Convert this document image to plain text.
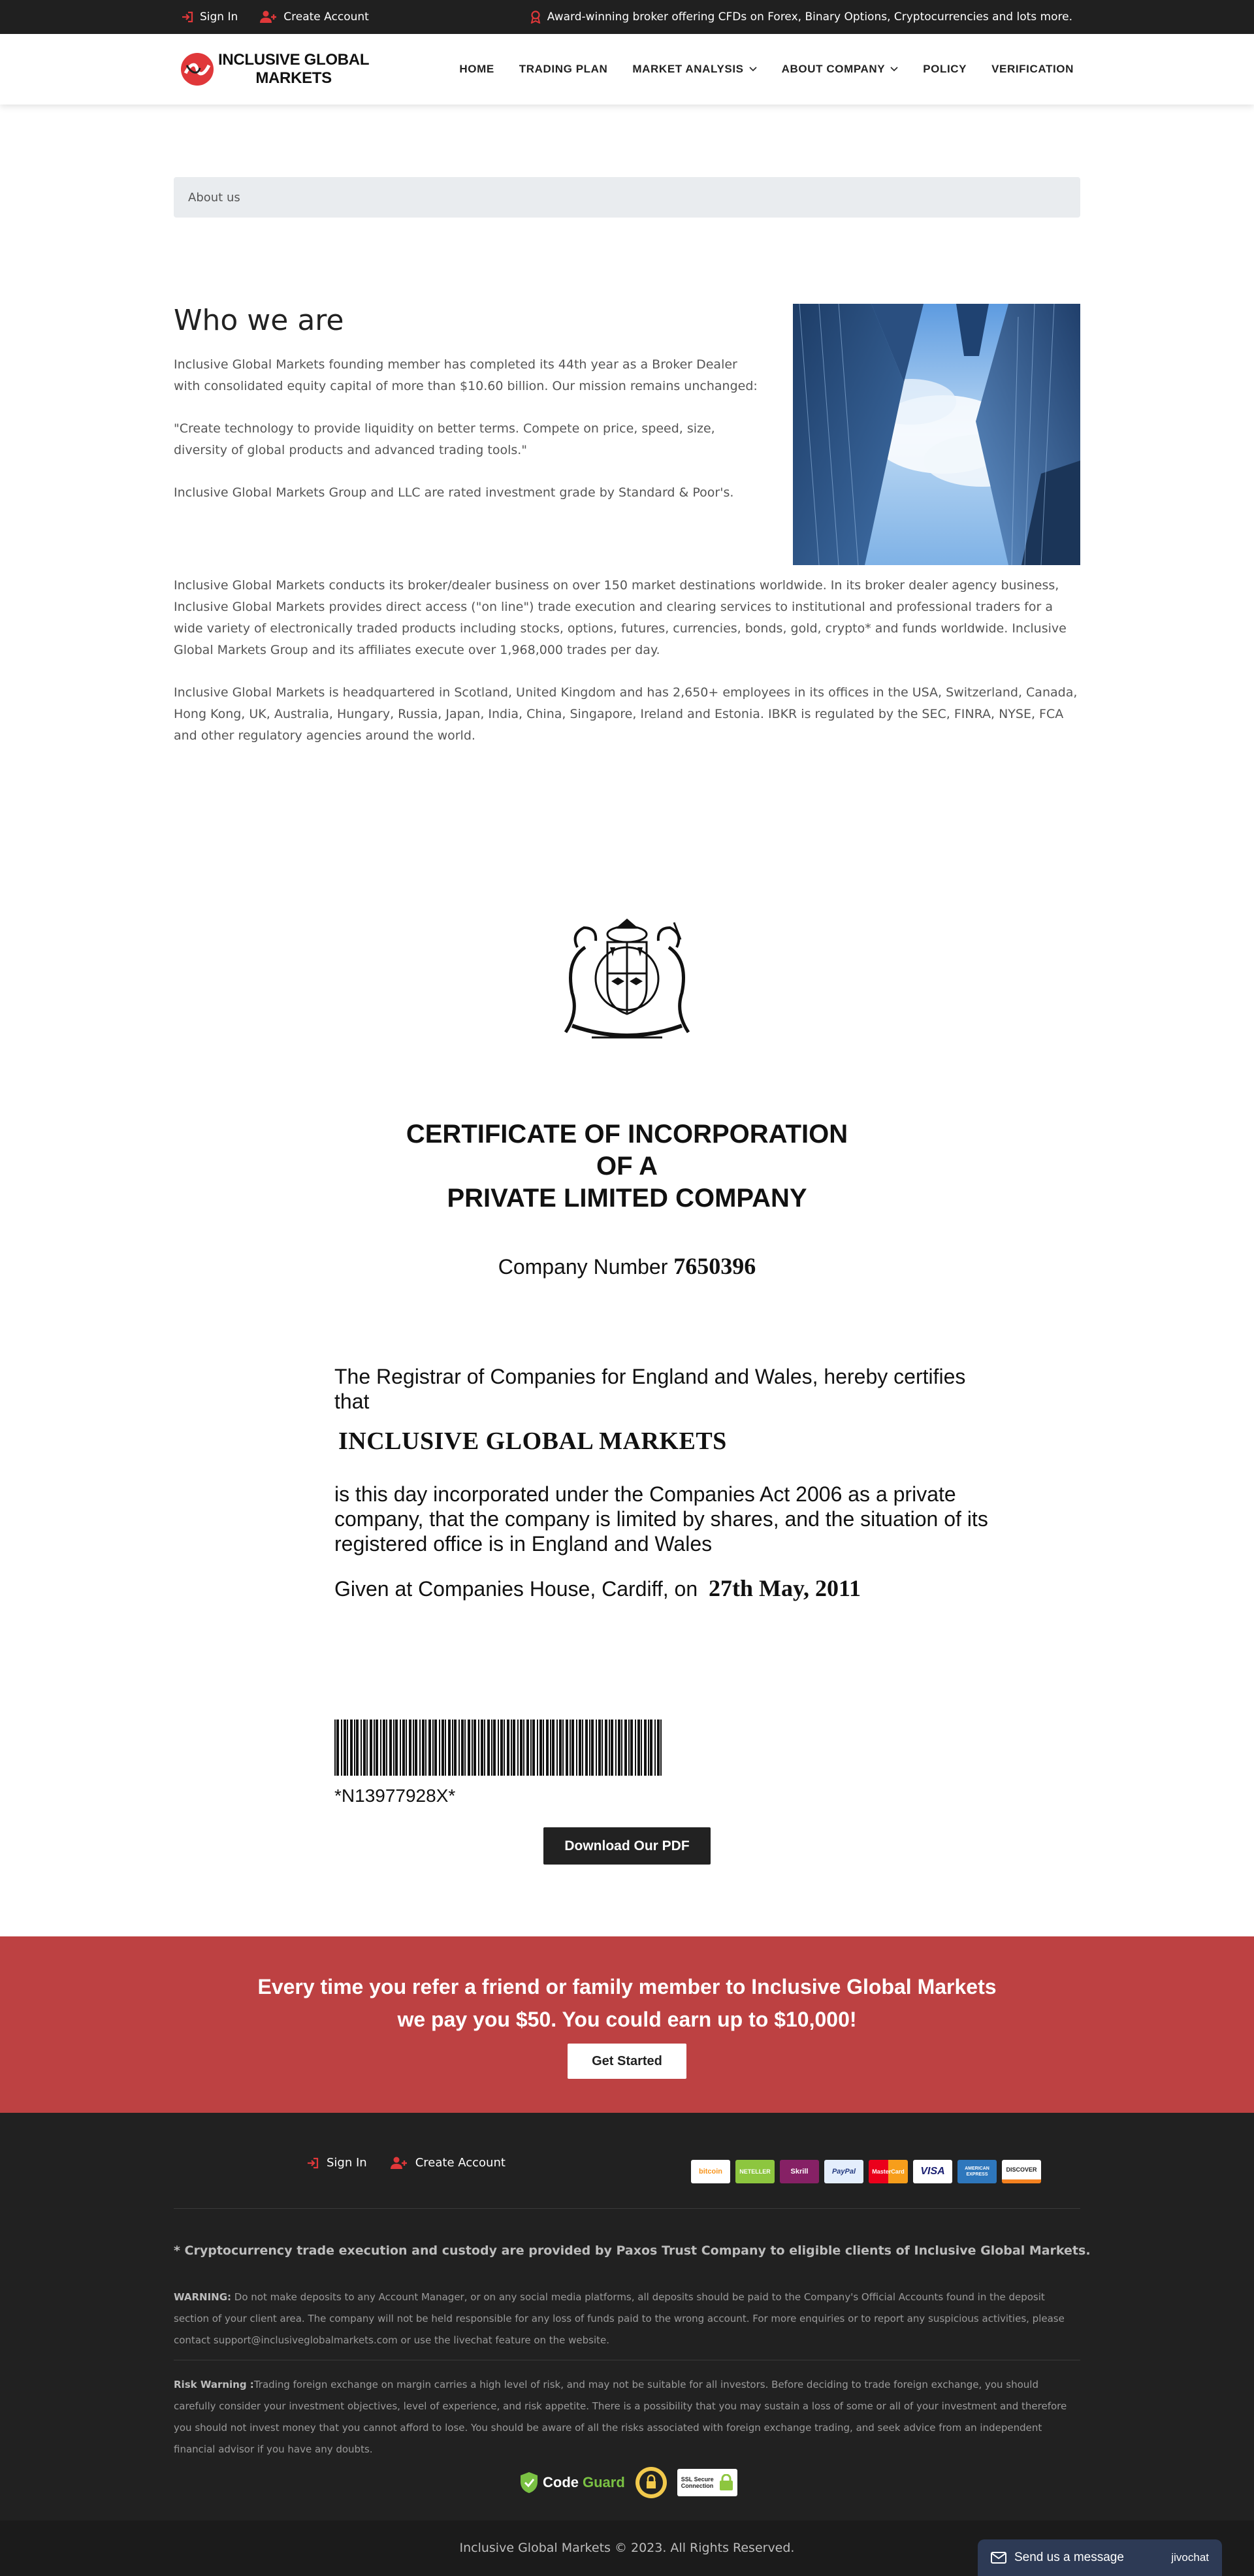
Sign In	Create Account	Award-winning broker offering CFDs on Forex, Binary Options, Cryptocurrencies and lots more.
INCLUSIVE GLOBAL
MARKETS
HOME TRADING PLAN MARKET ANALYSIS	ABOUT COMPANY	POLICY VERIFICATION
About us
Who we are

Inclusive Global Markets founding member has completed its 44th year as a Broker Dealer with consolidated equity capital of more than $10.60 billion. Our mission remains unchanged:

"Create technology to provide liquidity on better terms. Compete on price, speed, size, diversity of global products and advanced trading tools."

Inclusive Global Markets Group and LLC are rated investment grade by Standard & Poor's.

Inclusive Global Markets conducts its broker/dealer business on over 150 market destinations worldwide. In its broker dealer agency business, Inclusive Global Markets provides direct access ("on line") trade execution and clearing services to institutional and professional traders for a wide variety of electronically traded products including stocks, options, futures, currencies, bonds, gold, crypto* and funds worldwide. Inclusive Global Markets Group and its affiliates execute over 1,968,000 trades per day.

Inclusive Global Markets is headquartered in Scotland, United Kingdom and has 2,650+ employees in its offices in the USA, Switzerland, Canada, Hong Kong, UK, Australia, Hungary, Russia, Japan, India, China, Singapore, Ireland and Estonia. IBKR is regulated by the SEC, FINRA, NYSE, FCA and other regulatory agencies around the world.

CERTIFICATE OF INCORPORATION
OF A
PRIVATE LIMITED COMPANY
Company Number 7650396
The Registrar of Companies for England and Wales, hereby certifies that
INCLUSIVE GLOBAL MARKETS
is this day incorporated under the Companies Act 2006 as a private company, that the company is limited by shares, and the situation of its registered office is in England and Wales
Given at Companies House, Cardiff, on 27th May, 2011
*N13977928X*
Download Our PDF
Every time you refer a friend or family member to Inclusive Global Markets
we pay you $50. You could earn up to $10,000!
Get Started
Sign In	Create Account
bitcoin	NETELLER	Skrill	PayPal	MasterCard	VISA	AMERICAN EXPRESS
DISCOVER
* Cryptocurrency trade execution and custody are provided by Paxos Trust Company to eligible clients of Inclusive Global Markets.
WARNING: Do not make deposits to any Account Manager, or on any social media platforms, all deposits should be paid to the Company's Official Accounts found in the deposit section of your client area. The company will not be held responsible for any loss of funds paid to the wrong account. For more enquiries or to report any suspicious activities, please contact support@inclusiveglobalmarkets.com or use the livechat feature on the website.
Risk Warning :Trading foreign exchange on margin carries a high level of risk, and may not be suitable for all investors. Before deciding to trade foreign exchange, you should carefully consider your investment objectives, level of experience, and risk appetite. There is a possibility that you may sustain a loss of some or all of your investment and therefore you should not invest money that you cannot afford to lose. You should be aware of all the risks associated with foreign exchange trading, and seek advice from an independent financial advisor if you have any doubts.
Code Guard	SSL Secure Connection
Inclusive Global Markets © 2023. All Rights Reserved.
Send us a message	jivochat
